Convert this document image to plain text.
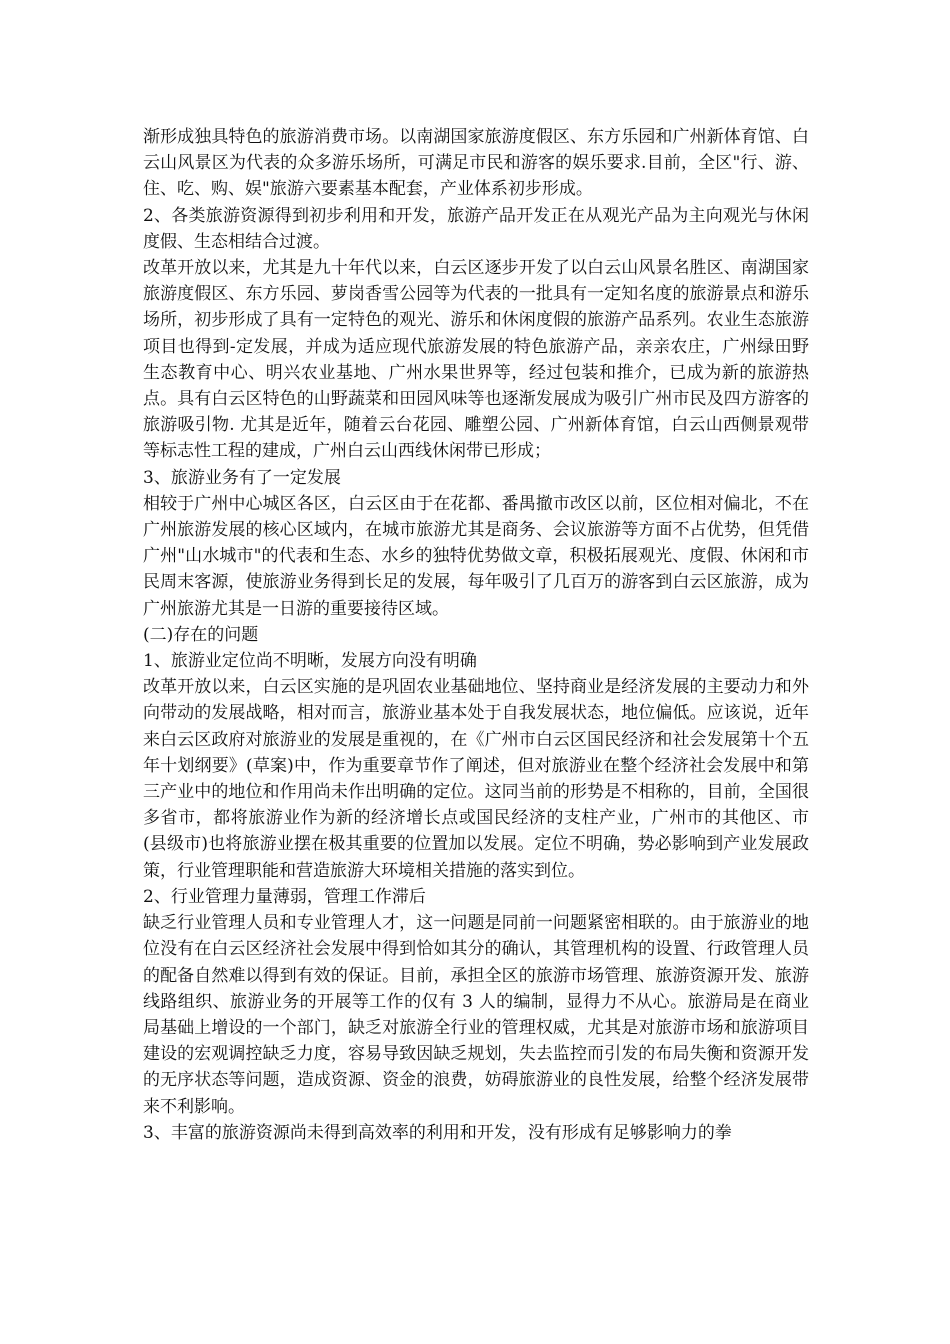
渐形成独具特色的旅游消费市场。以南湖国家旅游度假区、东方乐园和广州新体育馆、白云山风景区为代表的众多游乐场所，可满足市民和游客的娱乐要求.目前，全区"行、游、住、吃、购、娱"旅游六要素基本配套，产业体系初步形成。

2、各类旅游资源得到初步利用和开发，旅游产品开发正在从观光产品为主向观光与休闲度假、生态相结合过渡。

改革开放以来，尤其是九十年代以来，白云区逐步开发了以白云山风景名胜区、南湖国家旅游度假区、东方乐园、萝岗香雪公园等为代表的一批具有一定知名度的旅游景点和游乐场所，初步形成了具有一定特色的观光、游乐和休闲度假的旅游产品系列。农业生态旅游项目也得到-定发展，并成为适应现代旅游发展的特色旅游产品，亲亲农庄，广州绿田野生态教育中心、明兴农业基地、广州水果世界等，经过包装和推介，已成为新的旅游热点。具有白云区特色的山野蔬菜和田园风味等也逐渐发展成为吸引广州市民及四方游客的旅游吸引物. 尤其是近年，随着云台花园、雕塑公园、广州新体育馆，白云山西侧景观带等标志性工程的建成，广州白云山西线休闲带已形成；

3、旅游业务有了一定发展

相较于广州中心城区各区，白云区由于在花都、番禺撤市改区以前，区位相对偏北，不在广州旅游发展的核心区域内，在城市旅游尤其是商务、会议旅游等方面不占优势，但凭借广州"山水城市"的代表和生态、水乡的独特优势做文章，积极拓展观光、度假、休闲和市民周末客源，使旅游业务得到长足的发展，每年吸引了几百万的游客到白云区旅游，成为广州旅游尤其是一日游的重要接待区域。

(二)存在的问题

1、旅游业定位尚不明晰，发展方向没有明确

改革开放以来，白云区实施的是巩固农业基础地位、坚持商业是经济发展的主要动力和外向带动的发展战略，相对而言，旅游业基本处于自我发展状态，地位偏低。应该说，近年来白云区政府对旅游业的发展是重视的，在《广州市白云区国民经济和社会发展第十个五年十划纲要》(草案)中，作为重要章节作了阐述，但对旅游业在整个经济社会发展中和第三产业中的地位和作用尚未作出明确的定位。这同当前的形势是不相称的，目前，全国很多省市，都将旅游业作为新的经济增长点或国民经济的支柱产业，广州市的其他区、市(县级市)也将旅游业摆在极其重要的位置加以发展。定位不明确，势必影响到产业发展政策，行业管理职能和营造旅游大环境相关措施的落实到位。

2、行业管理力量薄弱，管理工作滞后

缺乏行业管理人员和专业管理人才，这一问题是同前一问题紧密相联的。由于旅游业的地位没有在白云区经济社会发展中得到恰如其分的确认，其管理机构的设置、行政管理人员的配备自然难以得到有效的保证。目前，承担全区的旅游市场管理、旅游资源开发、旅游线路组织、旅游业务的开展等工作的仅有 3 人的编制，显得力不从心。旅游局是在商业局基础上增设的一个部门，缺乏对旅游全行业的管理权威，尤其是对旅游市场和旅游项目建设的宏观调控缺乏力度，容易导致因缺乏规划，失去监控而引发的布局失衡和资源开发的无序状态等问题，造成资源、资金的浪费，妨碍旅游业的良性发展，给整个经济发展带来不利影响。

3、丰富的旅游资源尚未得到高效率的利用和开发，没有形成有足够影响力的拳
